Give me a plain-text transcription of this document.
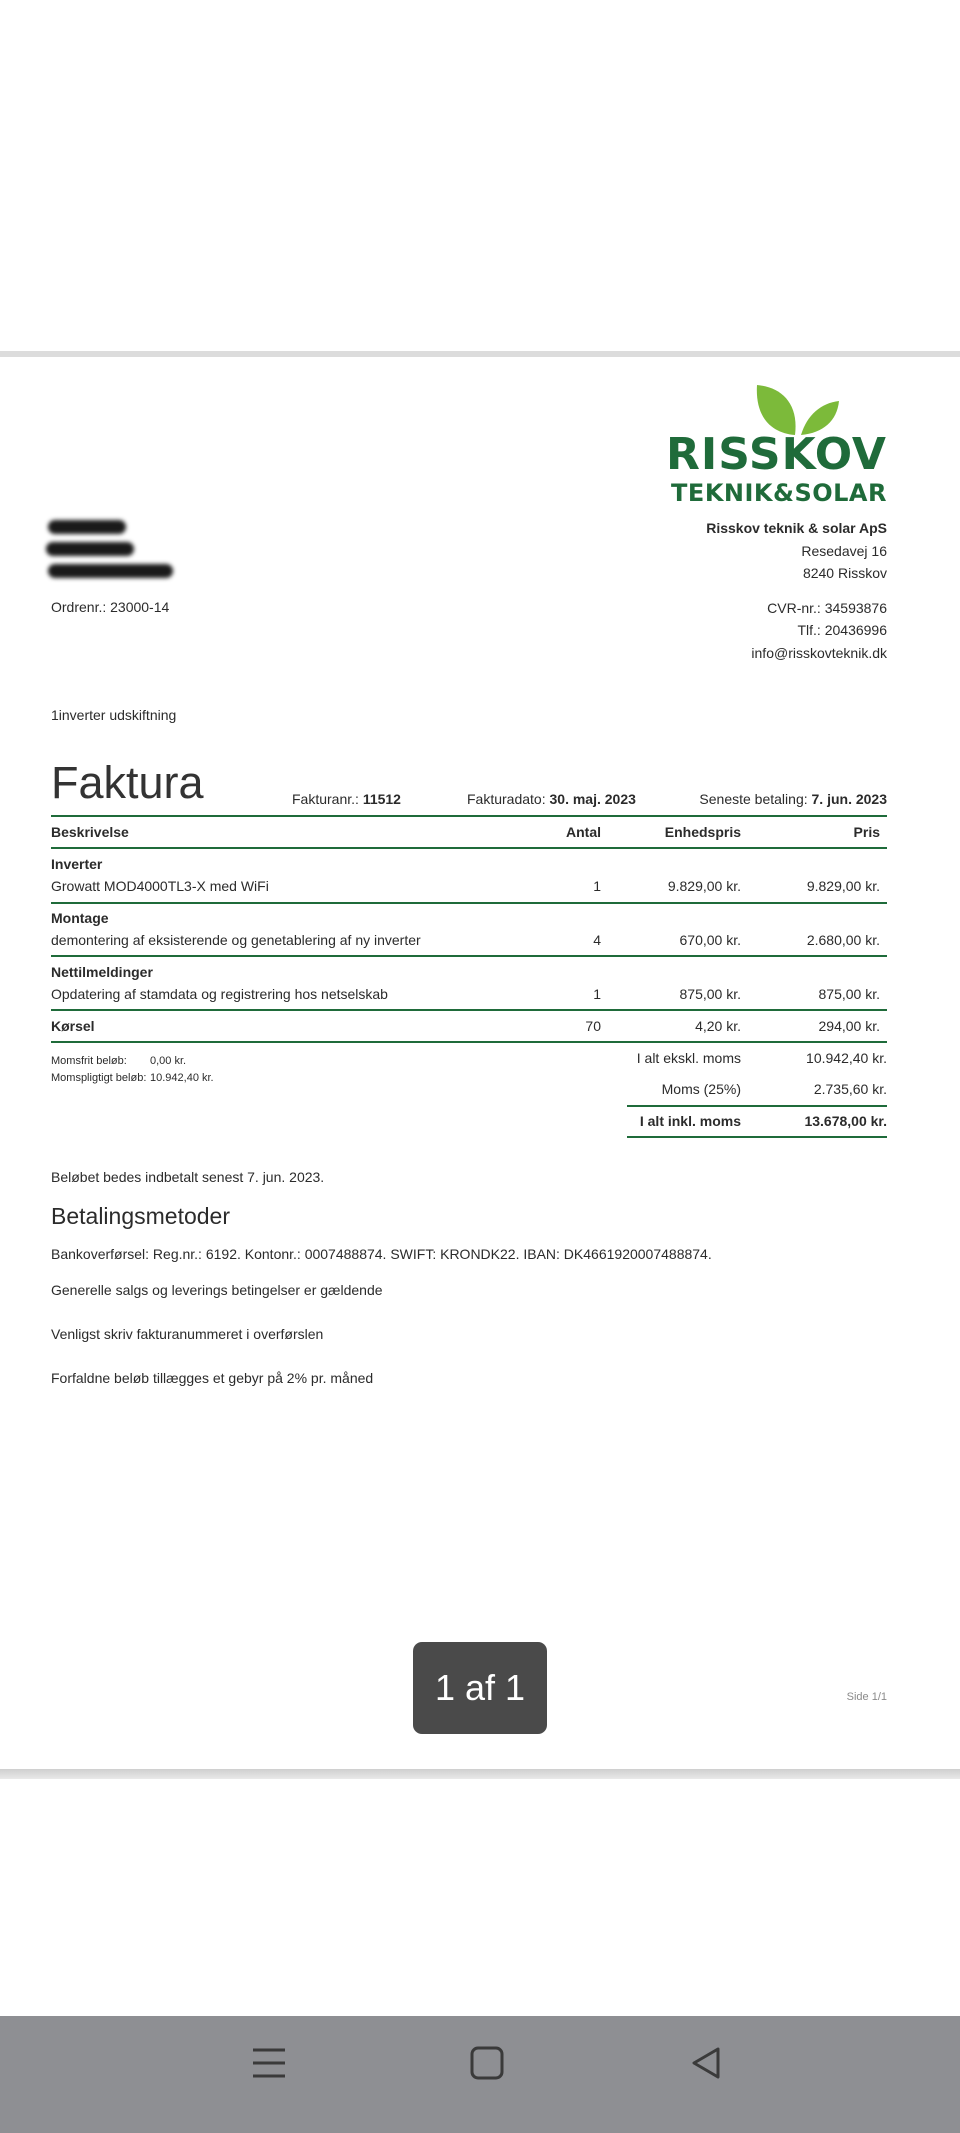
RISSKOV
TEKNIK&SOLAR
Ordrenr.: 23000-14
Risskov teknik & solar ApS
Resedavej 16
8240 Risskov
CVR-nr.: 34593876
Tlf.: 20436996
info@risskovteknik.dk
1inverter udskiftning
Faktura	Fakturanr.: 11512	Fakturadato: 30. maj. 2023	Seneste betaling: 7. jun. 2023
Beskrivelse	Antal	Enhedspris	Pris
Inverter
Growatt MOD4000TL3-X med WiFi	1	9.829,00 kr.	9.829,00 kr.
Montage
demontering af eksisterende og genetablering af ny inverter	4	670,00 kr.	2.680,00 kr.
Nettilmeldinger
Opdatering af stamdata og registrering hos netselskab	1	875,00 kr.	875,00 kr.
Kørsel	70	4,20 kr.	294,00 kr.
Momsfrit beløb: 0,00 kr.
Momspligtigt beløb: 10.942,40 kr.
I alt ekskl. moms	10.942,40 kr.
Moms (25%)	2.735,60 kr.
I alt inkl. moms	13.678,00 kr.
Beløbet bedes indbetalt senest 7. jun. 2023.
Betalingsmetoder
Bankoverførsel: Reg.nr.: 6192. Kontonr.: 0007488874. SWIFT: KRONDK22. IBAN: DK4661920007488874.
Generelle salgs og leverings betingelser er gældende
Venligst skriv fakturanummeret i overførslen
Forfaldne beløb tillægges et gebyr på 2% pr. måned
Side 1/1
1 af 1
